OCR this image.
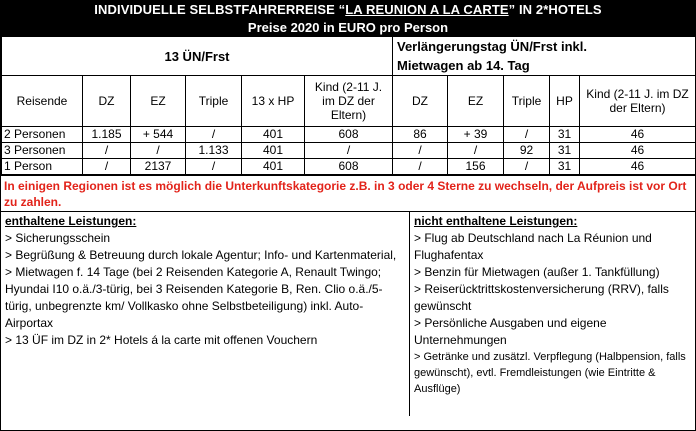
INDIVIDUELLE SELBSTFAHRERREISE “LA REUNION A LA CARTE” IN 2*HOTELS
Preise 2020 in EURO pro Person
13 ÜN/Frst						Verlängerungstag ÜN/Frst inkl.
Mietwagen ab 14. Tag				

Reisende	DZ	EZ	Triple	13 x HP	Kind (2-11 J. im DZ der Eltern)	DZ	EZ	Triple	HP	Kind (2-11 J. im DZ der Eltern)
2 Personen	1.185	+ 544	/	401	608	86	+ 39	/	31	46
3 Personen	/	/	1.133	401	/	/	/	92	31	46
1 Person	/	2137	/	401	608	/	156	/	31	46
In einigen Regionen ist es möglich die Unterkunftskategorie z.B. in 3 oder 4 Sterne zu wechseln, der Aufpreis ist vor Ort zu zahlen.
enthaltene Leistungen:

> Sicherungsschein

> Begrüßung & Betreuung durch lokale Agentur; Info- und Kartenmaterial,

> Mietwagen f. 14 Tage (bei 2 Reisenden Kategorie A, Renault Twingo; Hyundai I10 o.ä./3-türig, bei 3 Reisenden Kategorie B, Ren. Clio o.ä./5-türig, unbegrenzte km/ Vollkasko ohne Selbstbeteiligung) inkl. Auto-Airportax

> 13 ÜF im DZ in 2* Hotels á la carte mit offenen Vouchern

nicht enthaltene Leistungen:

> Flug ab Deutschland nach La Réunion und Flughafentax

> Benzin für Mietwagen (außer 1. Tankfüllung)

> Reiserücktrittskostenversicherung (RRV), falls gewünscht

> Persönliche Ausgaben und eigene Unternehmungen

> Getränke und zusätzl. Verpflegung (Halbpension, falls gewünscht), evtl. Fremdleistungen (wie Eintritte & Ausflüge)
